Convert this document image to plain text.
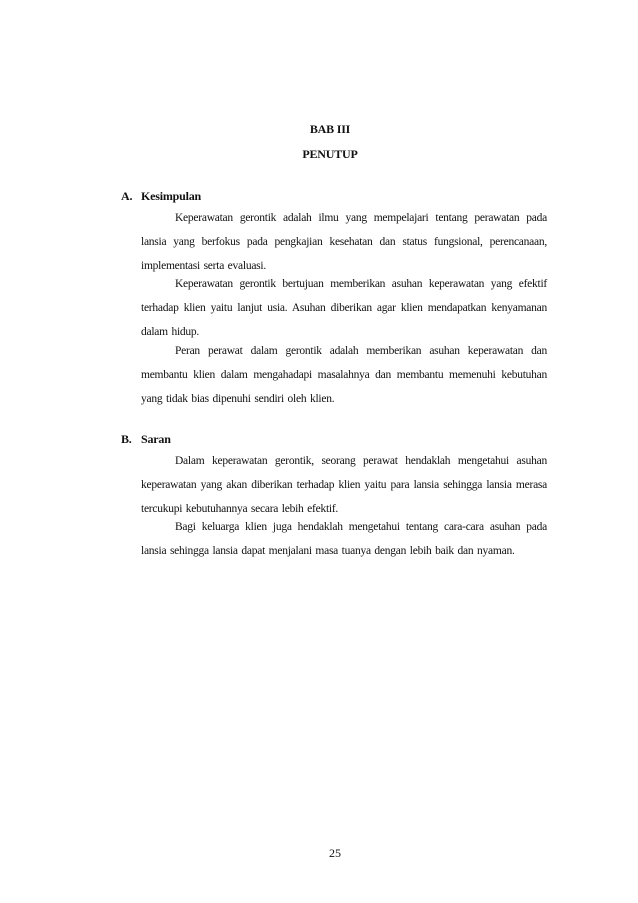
BAB III
PENUTUP
A. Kesimpulan

Keperawatan gerontik adalah ilmu yang mempelajari tentang perawatan pada lansia yang berfokus pada pengkajian kesehatan dan status fungsional, perencanaan, implementasi serta evaluasi.

Keperawatan gerontik bertujuan memberikan asuhan keperawatan yang efektif terhadap klien yaitu lanjut usia. Asuhan diberikan agar klien mendapatkan kenyamanan dalam hidup.

Peran perawat dalam gerontik adalah memberikan asuhan keperawatan dan membantu klien dalam mengahadapi masalahnya dan membantu memenuhi kebutuhan yang tidak bias dipenuhi sendiri oleh klien.

B. Saran

Dalam keperawatan gerontik, seorang perawat hendaklah mengetahui asuhan keperawatan yang akan diberikan terhadap klien yaitu para lansia sehingga lansia merasa tercukupi kebutuhannya secara lebih efektif.

Bagi keluarga klien juga hendaklah mengetahui tentang cara-cara asuhan pada lansia sehingga lansia dapat menjalani masa tuanya dengan lebih baik dan nyaman.

25
